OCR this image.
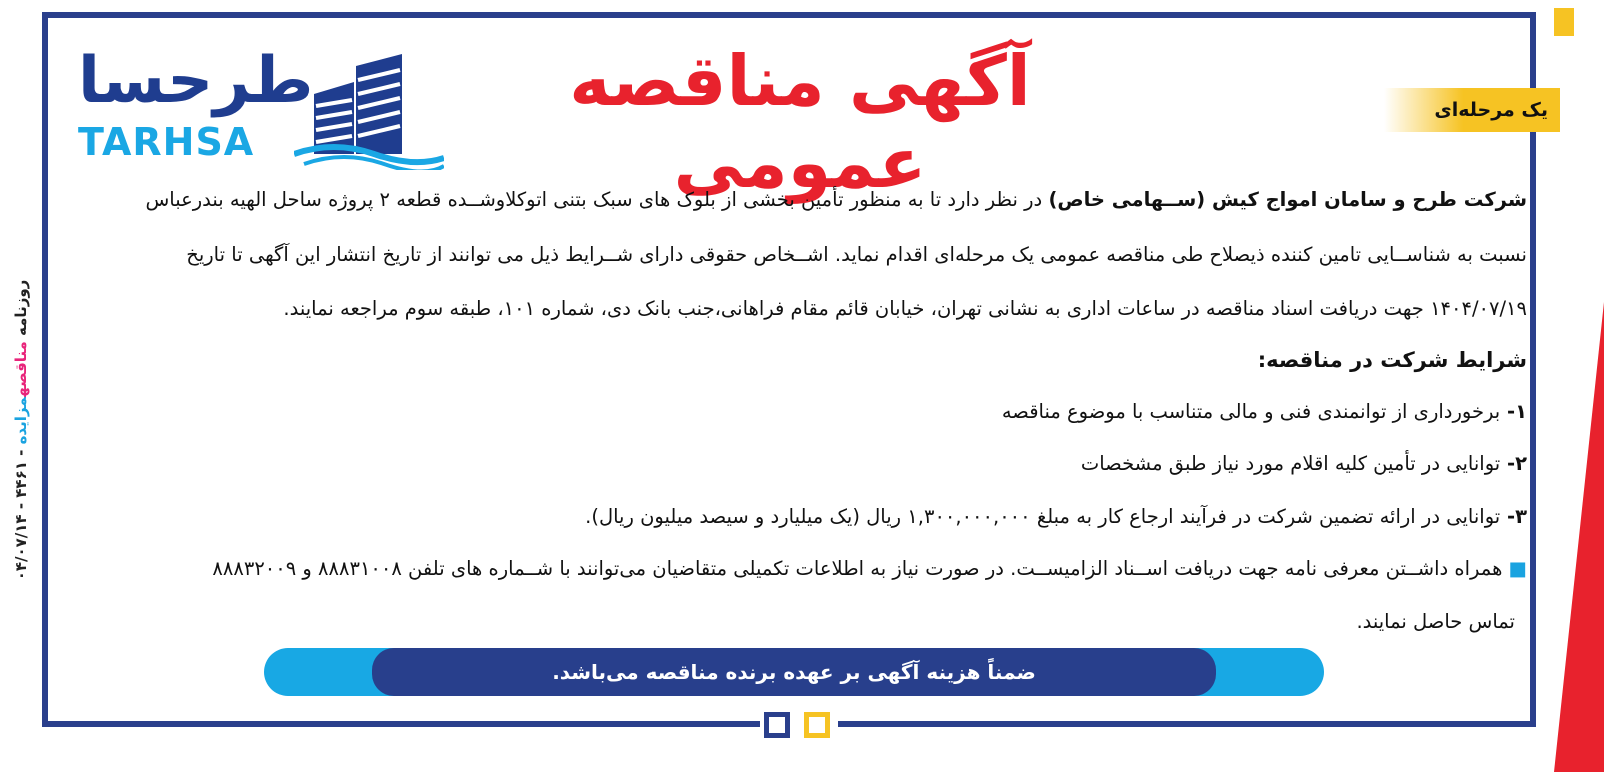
روزنامه مناقصهمزایده - ۴۴۶۱ - ۰۴/۰۷/۱۴
طرحسا
TARHSA
آگهی مناقصه عمومی
یک مرحله‌ای
شرکت طرح و سامان امواج کیش (ســهامی خاص) در نظر دارد تا به منظور تأمین بخشی از بلوک های سبک بتنی اتوکلاوشــده قطعه ۲ پروژه ساحل الهیه بندرعباس
نسبت به شناســایی تامین کننده ذیصلاح طی مناقصه عمومی یک مرحله‌ای اقدام نماید. اشــخاص حقوقی دارای شــرایط ذیل می توانند از تاریخ انتشار این آگهی تا تاریخ
۱۴۰۴/۰۷/۱۹ جهت دریافت اسناد مناقصه در ساعات اداری به نشانی تهران، خیابان قائم مقام فراهانی،جنب بانک دی، شماره ۱۰۱، طبقه سوم مراجعه نمایند.
شرایط شرکت در مناقصه:
۱- برخورداری از توانمندی فنی و مالی متناسب با موضوع مناقصه
۲- توانایی در تأمین کلیه اقلام مورد نیاز طبق مشخصات
۳- توانایی در ارائه تضمین شرکت در فرآیند ارجاع کار به مبلغ ۱,۳۰۰,۰۰۰,۰۰۰ ریال (یک میلیارد و سیصد میلیون ریال).
■ همراه داشــتن معرفی نامه جهت دریافت اســناد الزامیســت. در صورت نیاز به اطلاعات تکمیلی متقاضیان می‌توانند با شــماره های تلفن ۸۸۸۳۱۰۰۸ و ۸۸۸۳۲۰۰۹
تماس حاصل نمایند.
ضمناً هزینه آگهی بر عهده برنده مناقصه می‌باشد.
